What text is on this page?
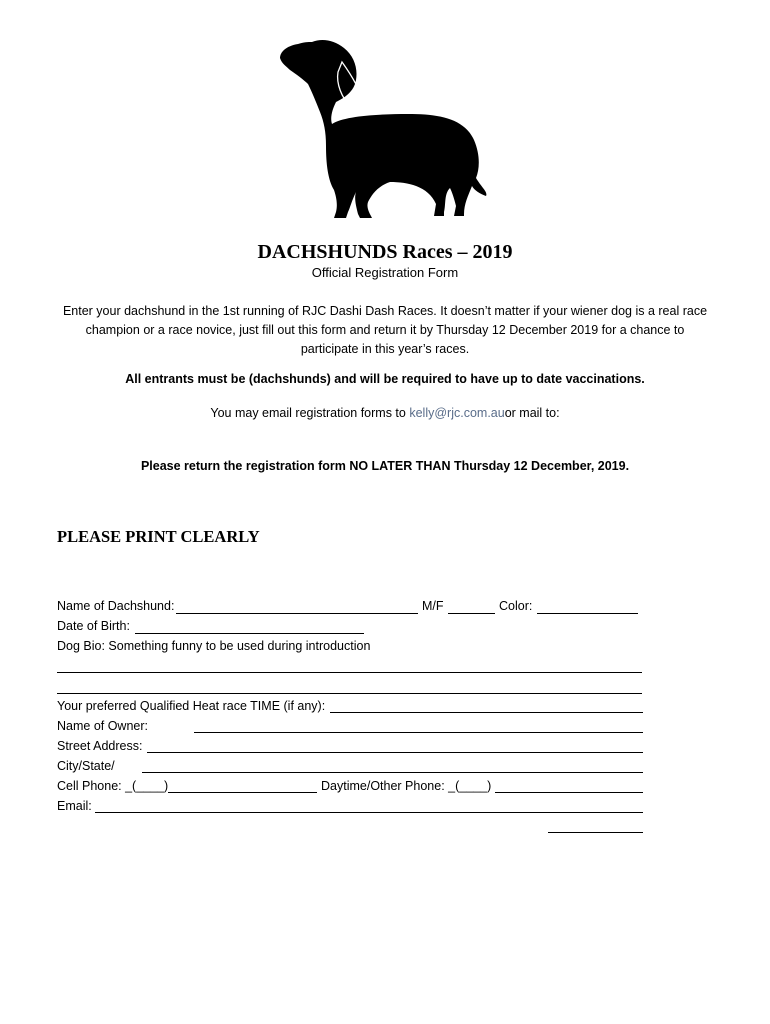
DACHSHUNDS Races – 2019
Official Registration Form
Enter your dachshund in the 1st running of RJC Dashi Dash Races. It doesn’t matter if your wiener dog is a real race champion or a race novice, just fill out this form and return it by Thursday 12 December 2019 for a chance to participate in this year’s races.
All entrants must be (dachshunds) and will be required to have up to date vaccinations.
You may email registration forms to kelly@rjc.com.auor mail to:
Please return the registration form NO LATER THAN Thursday 12 December, 2019.
PLEASE PRINT CLEARLY
Name of Dachshund:	M/F	Color:
Date of Birth:
Dog Bio: Something funny to be used during introduction
Your preferred Qualified Heat race TIME (if any):
Name of Owner:
Street Address:
City/State/
Cell Phone: _(____)	Daytime/Other Phone: _(____)
Email:
